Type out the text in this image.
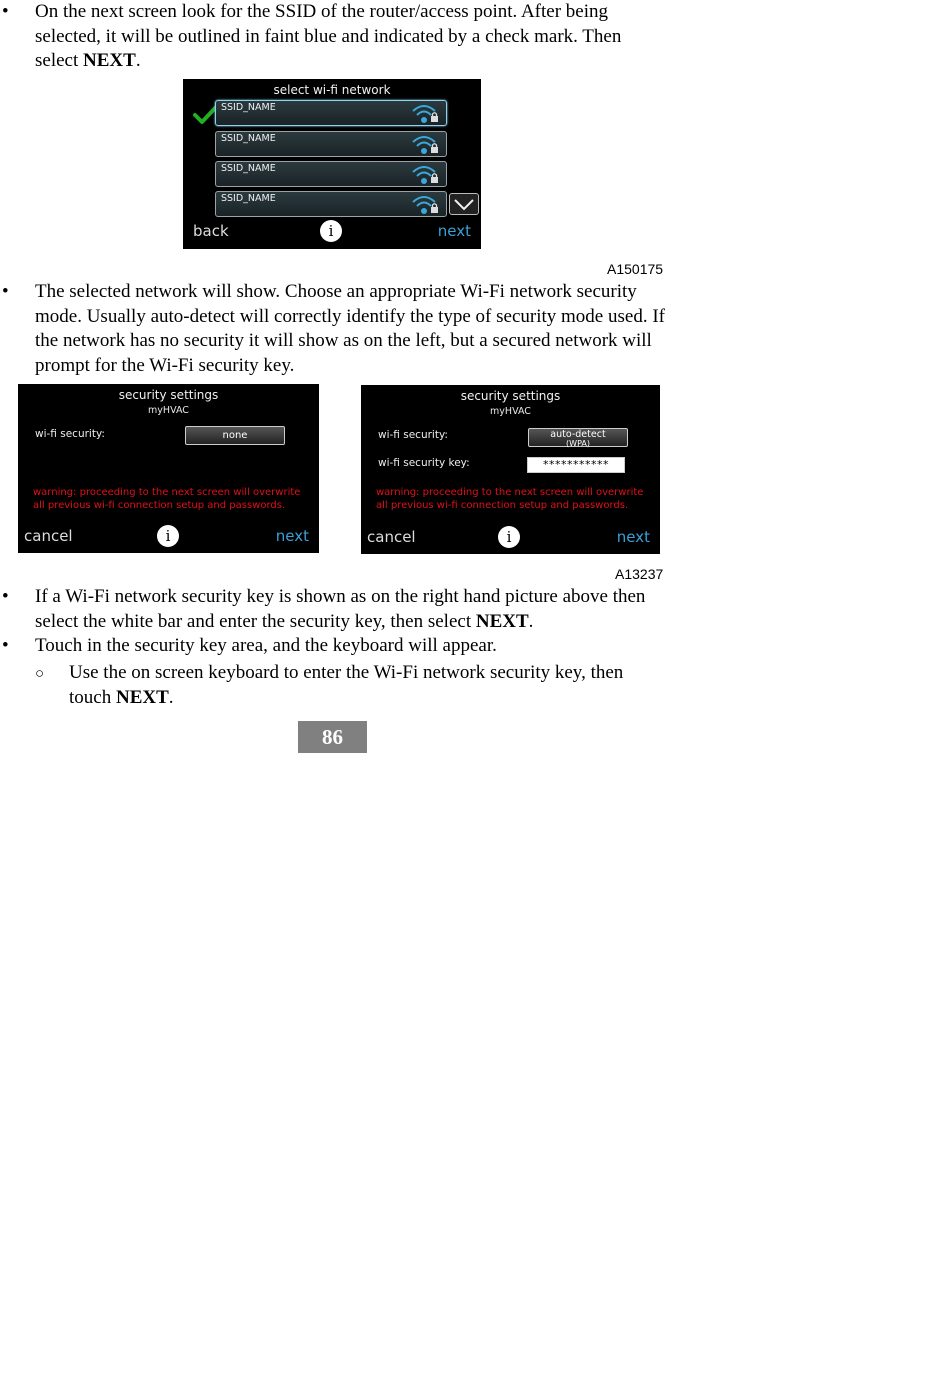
• On the next screen look for the SSID of the router/access point. After being selected, it will be outlined in faint blue and indicated by a check mark. Then select NEXT.
select wi-fi network
SSID_NAME
SSID_NAME
SSID_NAME
SSID_NAME
back	i	next
A150175
• The selected network will show. Choose an appropriate Wi-Fi network security mode. Usually auto-detect will correctly identify the type of security mode used. If the network has no security it will show as on the left, but a secured network will prompt for the Wi-Fi security key.
security settings
myHVAC
wi-fi security:	none
warning: proceeding to the next screen will overwrite all previous wi-fi connection setup and passwords.
cancel	i	next
security settings
myHVAC
wi-fi security:	auto-detect
(WPA)
wi-fi security key:	***********
warning: proceeding to the next screen will overwrite all previous wi-fi connection setup and passwords.
cancel	i	next
A13237
• If a Wi-Fi network security key is shown as on the right hand picture above then select the white bar and enter the security key, then select NEXT.
• Touch in the security key area, and the keyboard will appear.
○ Use the on screen keyboard to enter the Wi-Fi network security key, then touch NEXT.
86
